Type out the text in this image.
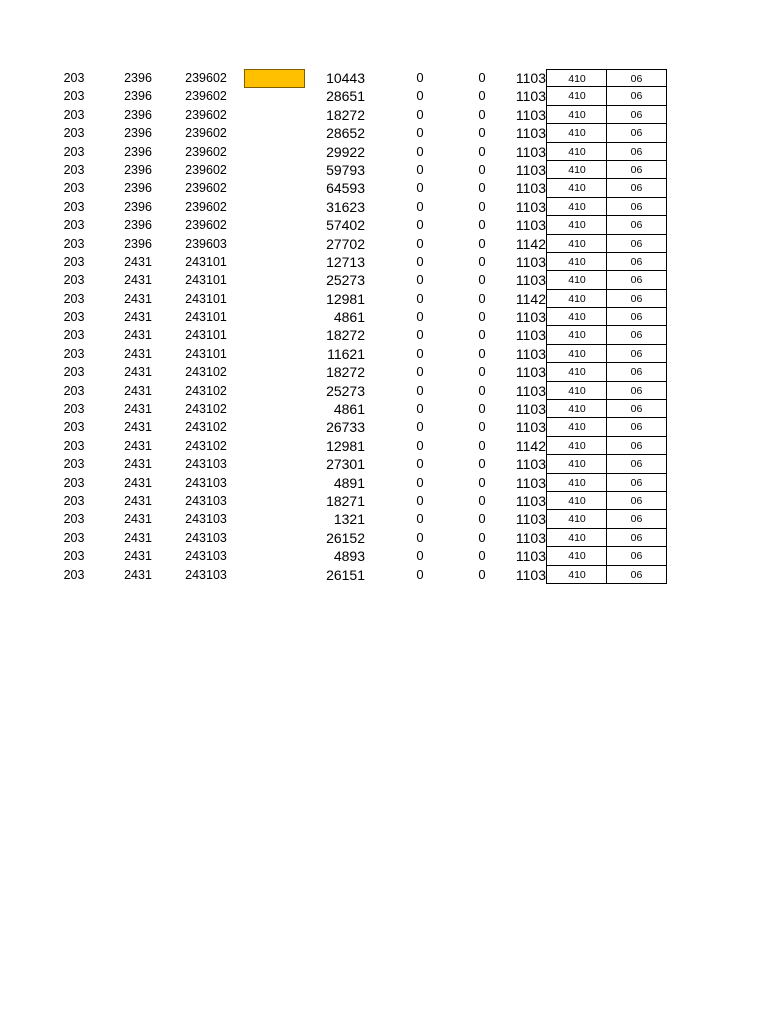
203	2396	239602	10443	0	0	1103	410	06
203	2396	239602	28651	0	0	1103	410	06
203	2396	239602	18272	0	0	1103	410	06
203	2396	239602	28652	0	0	1103	410	06
203	2396	239602	29922	0	0	1103	410	06
203	2396	239602	59793	0	0	1103	410	06
203	2396	239602	64593	0	0	1103	410	06
203	2396	239602	31623	0	0	1103	410	06
203	2396	239602	57402	0	0	1103	410	06
203	2396	239603	27702	0	0	1142	410	06
203	2431	243101	12713	0	0	1103	410	06
203	2431	243101	25273	0	0	1103	410	06
203	2431	243101	12981	0	0	1142	410	06
203	2431	243101	4861	0	0	1103	410	06
203	2431	243101	18272	0	0	1103	410	06
203	2431	243101	11621	0	0	1103	410	06
203	2431	243102	18272	0	0	1103	410	06
203	2431	243102	25273	0	0	1103	410	06
203	2431	243102	4861	0	0	1103	410	06
203	2431	243102	26733	0	0	1103	410	06
203	2431	243102	12981	0	0	1142	410	06
203	2431	243103	27301	0	0	1103	410	06
203	2431	243103	4891	0	0	1103	410	06
203	2431	243103	18271	0	0	1103	410	06
203	2431	243103	1321	0	0	1103	410	06
203	2431	243103	26152	0	0	1103	410	06
203	2431	243103	4893	0	0	1103	410	06
203	2431	243103	26151	0	0	1103	410	06
